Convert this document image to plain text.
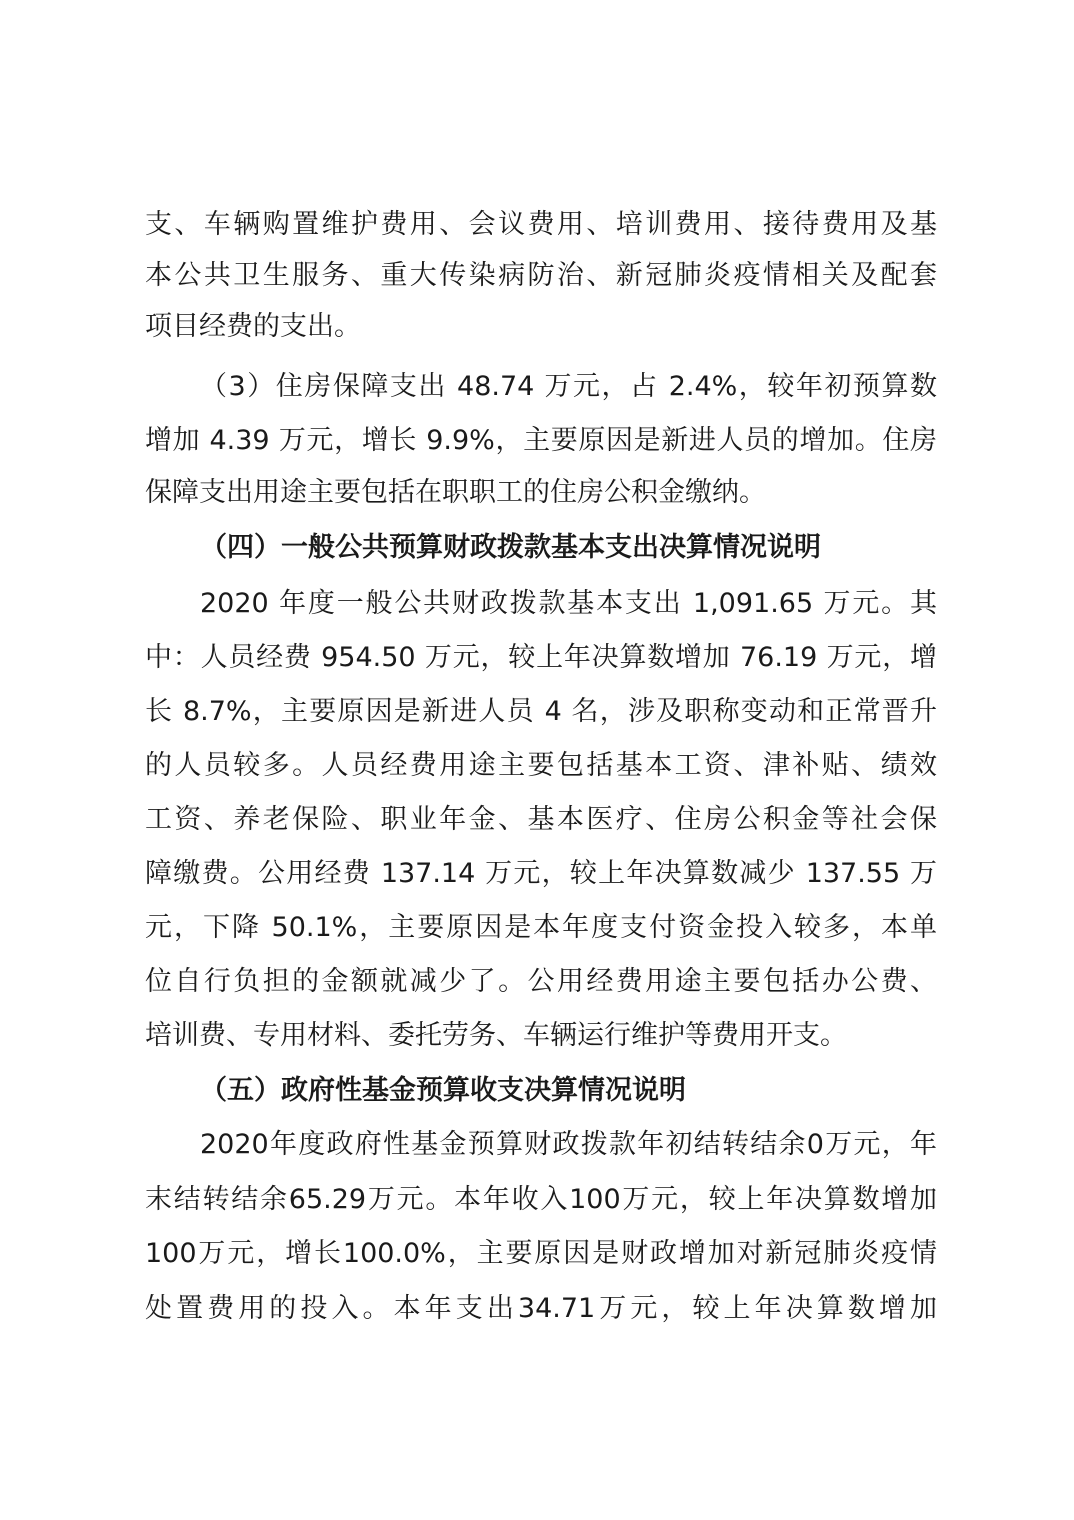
支、车辆购置维护费用、会议费用、培训费用、接待费用及基
本公共卫生服务、重大传染病防治、新冠肺炎疫情相关及配套
项目经费的支出。
（3）住房保障支出 48.74 万元，占 2.4%，较年初预算数
增加 4.39 万元，增长 9.9%，主要原因是新进人员的增加。住房
保障支出用途主要包括在职职工的住房公积金缴纳。
（四）一般公共预算财政拨款基本支出决算情况说明
2020 年度一般公共财政拨款基本支出 1,091.65 万元。其
中：人员经费 954.50 万元，较上年决算数增加 76.19 万元，增
长 8.7%，主要原因是新进人员 4 名，涉及职称变动和正常晋升
的人员较多。人员经费用途主要包括基本工资、津补贴、绩效
工资、养老保险、职业年金、基本医疗、住房公积金等社会保
障缴费。公用经费 137.14 万元，较上年决算数减少 137.55 万
元，下降 50.1%，主要原因是本年度支付资金投入较多，本单
位自行负担的金额就减少了。公用经费用途主要包括办公费、
培训费、专用材料、委托劳务、车辆运行维护等费用开支。
（五）政府性基金预算收支决算情况说明
2020年度政府性基金预算财政拨款年初结转结余0万元，年
末结转结余65.29万元。本年收入100万元，较上年决算数增加
100万元，增长100.0%，主要原因是财政增加对新冠肺炎疫情
处置费用的投入。本年支出34.71万元，较上年决算数增加
